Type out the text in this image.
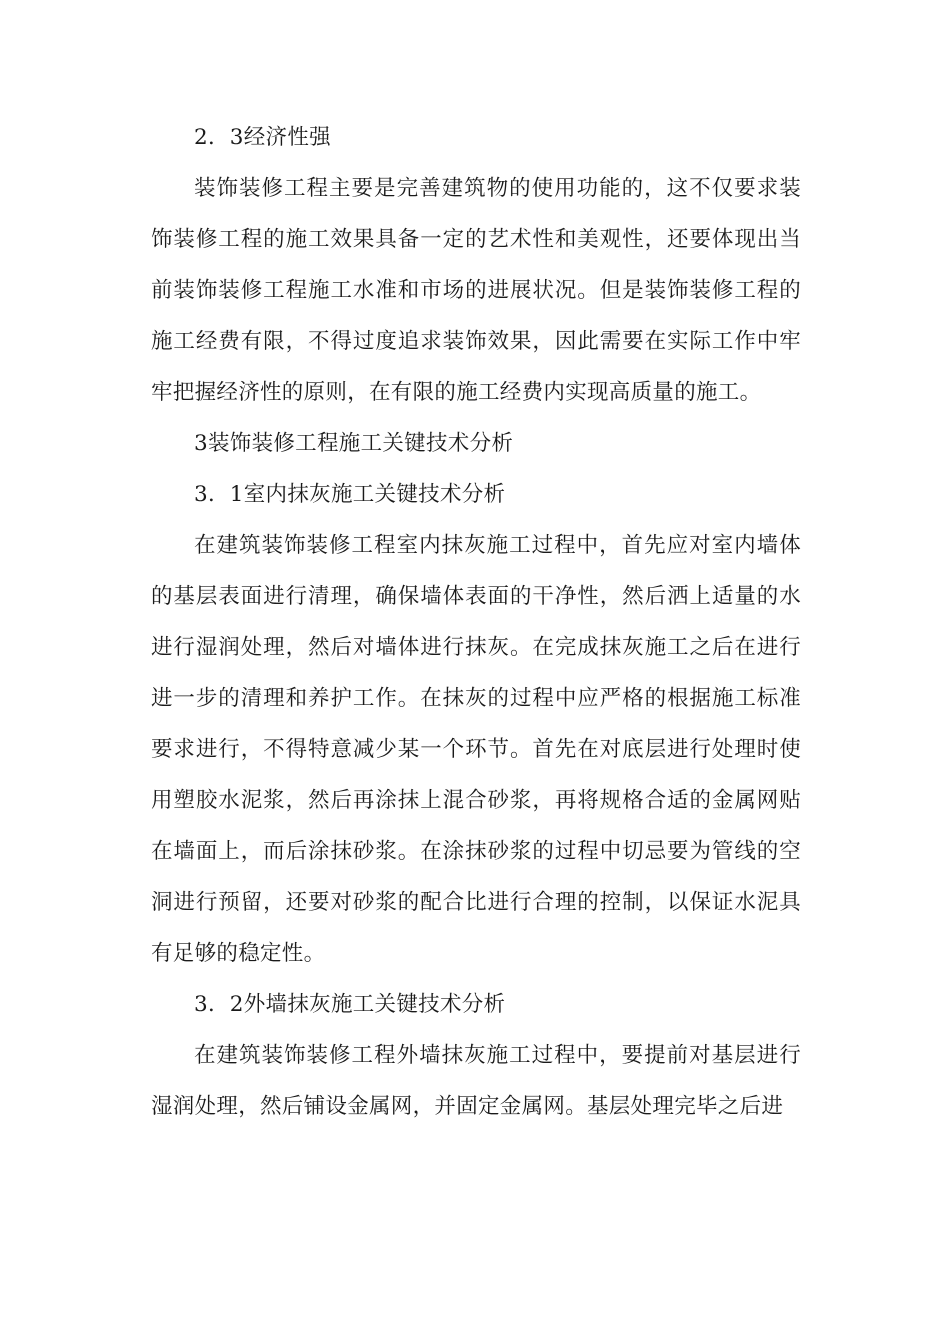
2．3经济性强

装饰装修工程主要是完善建筑物的使用功能的，这不仅要求装饰装修工程的施工效果具备一定的艺术性和美观性，还要体现出当前装饰装修工程施工水准和市场的进展状况。但是装饰装修工程的施工经费有限，不得过度追求装饰效果，因此需要在实际工作中牢牢把握经济性的原则，在有限的施工经费内实现高质量的施工。

3装饰装修工程施工关键技术分析

3．1室内抹灰施工关键技术分析

在建筑装饰装修工程室内抹灰施工过程中，首先应对室内墙体的基层表面进行清理，确保墙体表面的干净性，然后洒上适量的水进行湿润处理，然后对墙体进行抹灰。在完成抹灰施工之后在进行进一步的清理和养护工作。在抹灰的过程中应严格的根据施工标准要求进行，不得特意减少某一个环节。首先在对底层进行处理时使用塑胶水泥浆，然后再涂抹上混合砂浆，再将规格合适的金属网贴在墙面上，而后涂抹砂浆。在涂抹砂浆的过程中切忌要为管线的空洞进行预留，还要对砂浆的配合比进行合理的控制，以保证水泥具有足够的稳定性。

3．2外墙抹灰施工关键技术分析

在建筑装饰装修工程外墙抹灰施工过程中，要提前对基层进行湿润处理，然后铺设金属网，并固定金属网。基层处理完毕之后进
